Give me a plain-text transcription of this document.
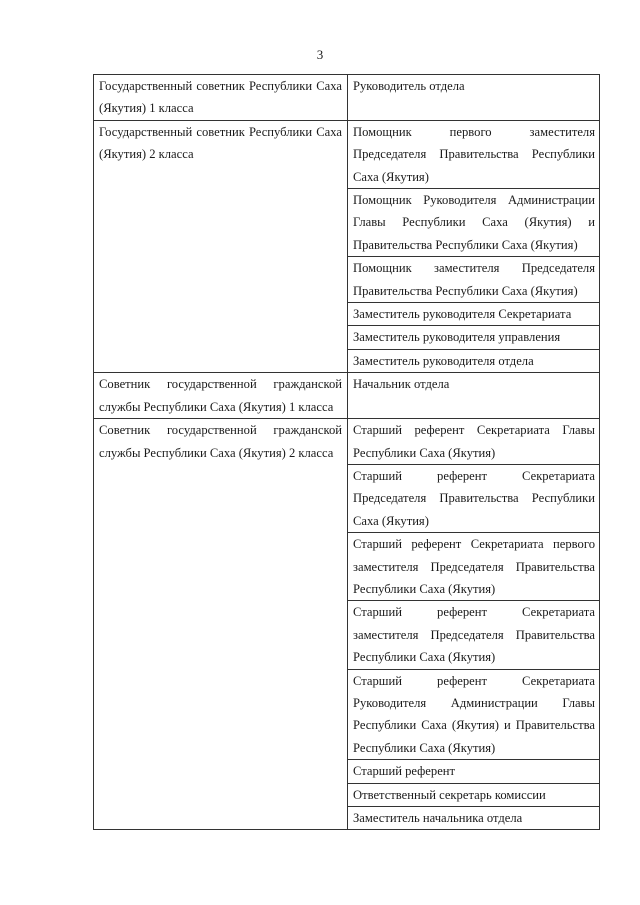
3
Государственный советник Республики Саха (Якутия) 1 класса	Руководитель отдела
Государственный советник Республики Саха (Якутия) 2 класса	Помощник первого заместителя Председателя Правительства Республики Саха (Якутия)
	Помощник Руководителя Администрации Главы Республики Саха (Якутия) и Правительства Республики Саха (Якутия)
	Помощник заместителя Председателя Правительства Республики Саха (Якутия)
	Заместитель руководителя Секретариата
	Заместитель руководителя управления
	Заместитель руководителя отдела
Советник государственной гражданской службы Республики Саха (Якутия) 1 класса	Начальник отдела
Советник государственной гражданской службы Республики Саха (Якутия) 2 класса	Старший референт Секретариата Главы Республики Саха (Якутия)
	Старший референт Секретариата Председателя Правительства Республики Саха (Якутия)
	Старший референт Секретариата первого заместителя Председателя Правительства Республики Саха (Якутия)
	Старший референт Секретариата заместителя Председателя Правительства Республики Саха (Якутия)
	Старший референт Секретариата Руководителя Администрации Главы Республики Саха (Якутия) и Правительства Республики Саха (Якутия)
	Старший референт
	Ответственный секретарь комиссии
	Заместитель начальника отдела
